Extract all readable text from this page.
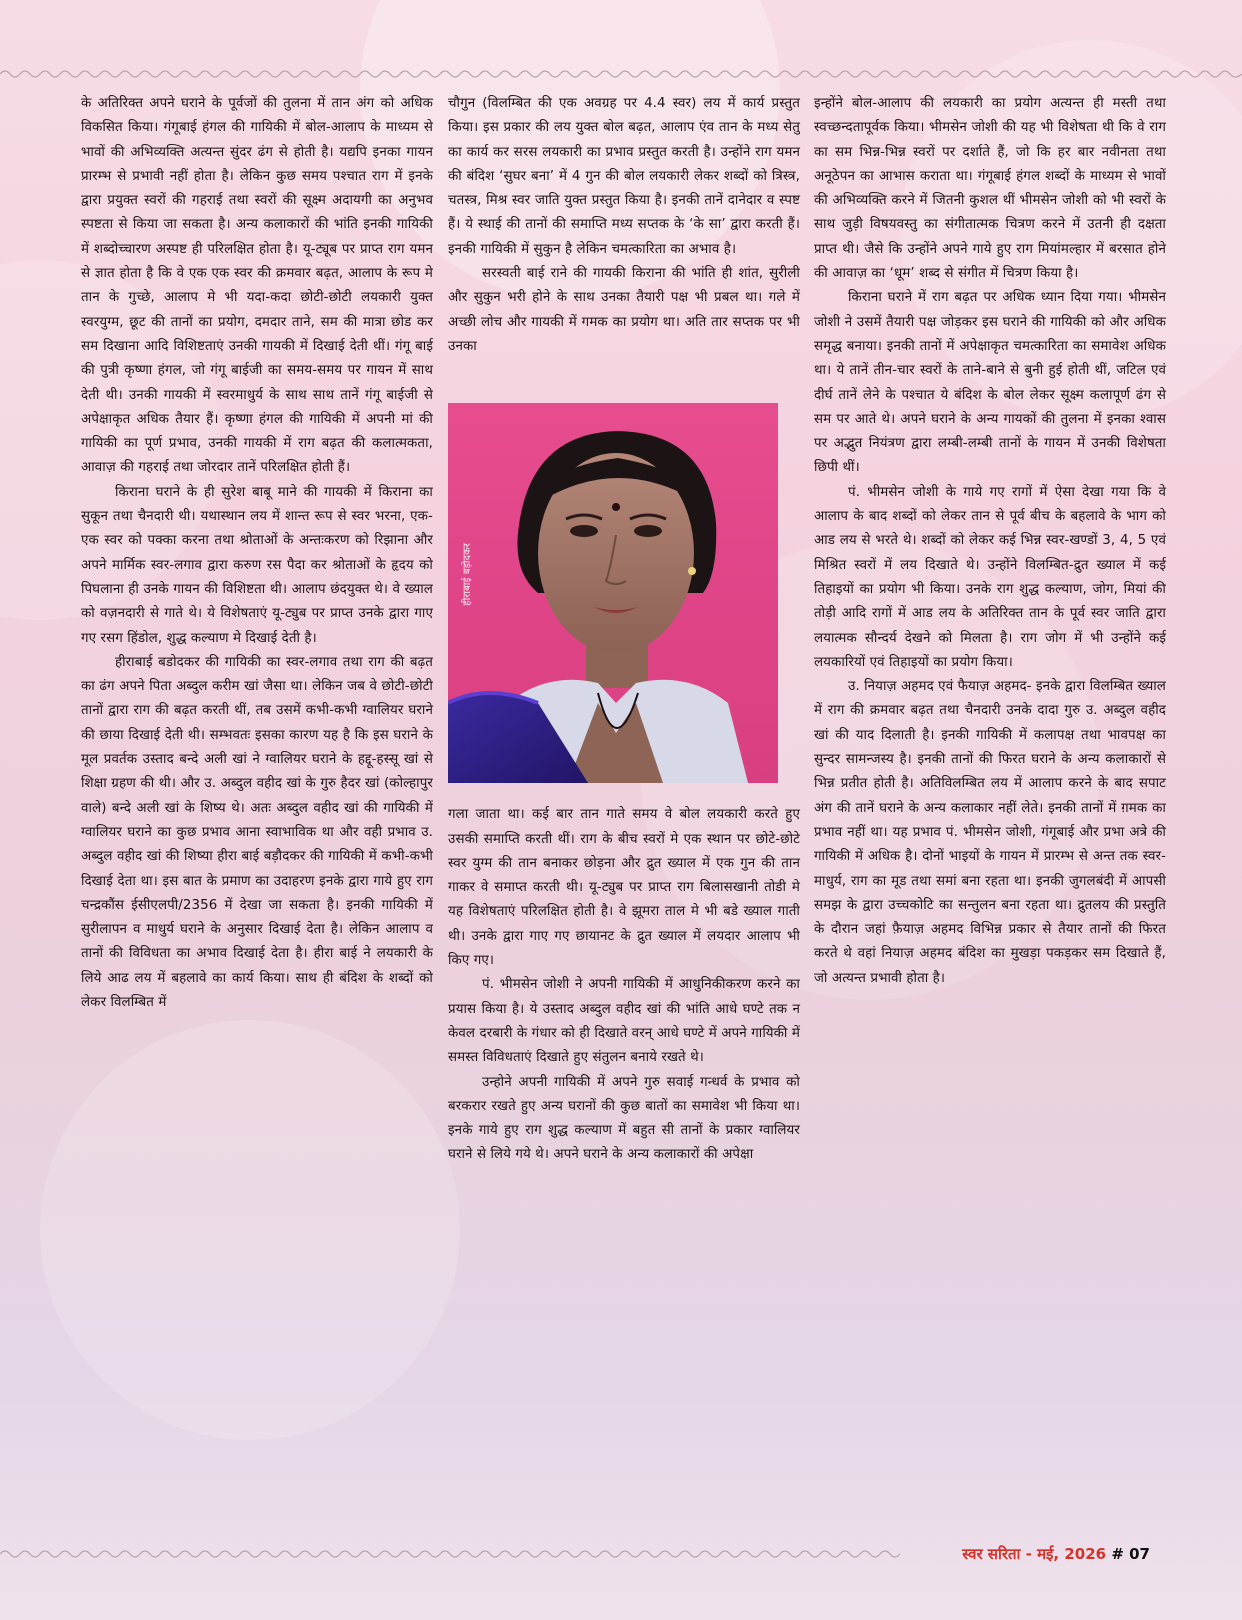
के अतिरिक्त अपने घराने के पूर्वजों की तुलना में तान अंग को अधिक विकसित किया। गंगूबाई हंगल की गायिकी में बोल-आलाप के माध्यम से भावों की अभिव्यक्ति अत्यन्त सुंदर ढंग से होती है। यद्यपि इनका गायन प्रारम्भ से प्रभावी नहीं होता है। लेकिन कुछ समय पश्चात राग में इनके द्वारा प्रयुक्त स्वरों की गहराई तथा स्वरों की सूक्ष्म अदायगी का अनुभव स्पष्टता से किया जा सकता है। अन्य कलाकारों की भांति इनकी गायिकी में शब्दोच्चारण अस्पष्ट ही परिलक्षित होता है। यू-ट्यूब पर प्राप्त राग यमन से ज्ञात होता है कि वे एक एक स्वर की क्रमवार बढ़त, आलाप के रूप मे तान के गुच्छे, आलाप मे भी यदा-कदा छोटी-छोटी लयकारी युक्त स्वरयुग्म, छूट की तानों का प्रयोग, दमदार ताने, सम की मात्रा छोड कर सम दिखाना आदि विशिष्टताएं उनकी गायकी में दिखाई देती थीं। गंगू बाई की पुत्री कृष्णा हंगल, जो गंगू बाईजी का समय-समय पर गायन में साथ देती थी। उनकी गायकी में स्वरमाधुर्य के साथ साथ तानें गंगू बाईजी से अपेक्षाकृत अधिक तैयार हैं। कृष्णा हंगल की गायिकी में अपनी मां की गायिकी का पूर्ण प्रभाव, उनकी गायकी में राग बढ़त की कलात्मकता, आवाज़ की गहराई तथा जोरदार तानें परिलक्षित होती हैं।

किराना घराने के ही सुरेश बाबू माने की गायकी में किराना का सुकून तथा चैनदारी थी। यथास्थान लय में शान्त रूप से स्वर भरना, एक-एक स्वर को पक्का करना तथा श्रोताओं के अन्तःकरण को रिझाना और अपने मार्मिक स्वर-लगाव द्वारा करुण रस पैदा कर श्रोताओं के हृदय को पिघलाना ही उनके गायन की विशिष्टता थी। आलाप छंदयुक्त थे। वे ख्याल को वज़नदारी से गाते थे। ये विशेषताएं यू-ट्युब पर प्राप्त उनके द्वारा गाए गए रसग हिंडोल, शुद्ध कल्याण मे दिखाई देती है।

हीराबाई बडोदकर की गायिकी का स्वर-लगाव तथा राग की बढ़त का ढंग अपने पिता अब्दुल करीम खां जैसा था। लेकिन जब वे छोटी-छोटी तानों द्वारा राग की बढ़त करती थीं, तब उसमें कभी-कभी ग्वालियर घराने की छाया दिखाई देती थी। सम्भवतः इसका कारण यह है कि इस घराने के मूल प्रवर्तक उस्ताद बन्दे अली खां ने ग्वालियर घराने के हद्दू-हस्सू खां से शिक्षा ग्रहण की थी। और उ. अब्दुल वहीद खां के गुरु हैदर खां (कोल्हापुर वाले) बन्दे अली खां के शिष्य थे। अतः अब्दुल वहीद खां की गायिकी में ग्वालियर घराने का कुछ प्रभाव आना स्वाभाविक था और वही प्रभाव उ. अब्दुल वहीद खां की शिष्या हीरा बाई बड़ौदकर की गायिकी में कभी-कभी दिखाई देता था। इस बात के प्रमाण का उदाहरण इनके द्वारा गाये हुए राग चन्द्रकौंस ईसीएलपी/2356 में देखा जा सकता है। इनकी गायिकी में सुरीलापन व माधुर्य घराने के अनुसार दिखाई देता है। लेकिन आलाप व तानों की विविधता का अभाव दिखाई देता है। हीरा बाई ने लयकारी के लिये आढ लय में बहलावे का कार्य किया। साथ ही बंदिश के शब्दों को लेकर विलम्बित में

चौगुन (विलम्बित की एक अवग्रह पर 4.4 स्वर) लय में कार्य प्रस्तुत किया। इस प्रकार की लय युक्त बोल बढ़त, आलाप एंव तान के मध्य सेतु का कार्य कर सरस लयकारी का प्रभाव प्रस्तुत करती है। उन्होंने राग यमन की बंदिश ‘सुघर बना’ में 4 गुन की बोल लयकारी लेकर शब्दों को त्रिस्त्र, चतस्त्र, मिश्र स्वर जाति युक्त प्रस्तुत किया है। इनकी तानें दानेदार व स्पष्ट हैं। ये स्थाई की तानों की समाप्ति मध्य सप्तक के ‘के सा’ द्वारा करती हैं। इनकी गायिकी में सुकुन है लेकिन चमत्कारिता का अभाव है।

सरस्वती बाई राने की गायकी किराना की भांति ही शांत, सुरीली और सुकुन भरी होने के साथ उनका तैयारी पक्ष भी प्रबल था। गले में अच्छी लोच और गायकी में गमक का प्रयोग था। अति तार सप्तक पर भी उनका

हीराबाई बड़ोदकर

गला जाता था। कई बार तान गाते समय वे बोल लयकारी करते हुए उसकी समाप्ति करती थीं। राग के बीच स्वरों मे एक स्थान पर छोटे-छोटे स्वर युग्म की तान बनाकर छोड़ना और द्रुत ख्याल में एक गुन की तान गाकर वे समाप्त करती थी। यू-ट्युब पर प्राप्त राग बिलासखानी तोडी मे यह विशेषताएं परिलक्षित होती है। वे झूमरा ताल मे भी बडे ख्याल गाती थी। उनके द्वारा गाए गए छायानट के द्रुत ख्याल में लयदार आलाप भी किए गए।

पं. भीमसेन जोशी ने अपनी गायिकी में आधुनिकीकरण करने का प्रयास किया है। ये उस्ताद अब्दुल वहीद खां की भांति आधे घण्टे तक न केवल दरबारी के गंधार को ही दिखाते वरन् आधे घण्टे में अपने गायिकी में समस्त विविधताएं दिखाते हुए संतुलन बनाये रखते थे।

उन्होने अपनी गायिकी में अपने गुरु सवाई गन्धर्व के प्रभाव को बरकरार रखते हुए अन्य घरानों की कुछ बातों का समावेश भी किया था। इनके गाये हुए राग शुद्ध कल्याण में बहुत सी तानों के प्रकार ग्वालियर घराने से लिये गये थे। अपने घराने के अन्य कलाकारों की अपेक्षा

इन्होंने बोल-आलाप की लयकारी का प्रयोग अत्यन्त ही मस्ती तथा स्वच्छन्दतापूर्वक किया। भीमसेन जोशी की यह भी विशेषता थी कि वे राग का सम भिन्न-भिन्न स्वरों पर दर्शाते हैं, जो कि हर बार नवीनता तथा अनूठेपन का आभास कराता था। गंगूबाई हंगल शब्दों के माध्यम से भावों की अभिव्यक्ति करने में जितनी कुशल थीं भीमसेन जोशी को भी स्वरों के साथ जुड़ी विषयवस्तु का संगीतात्मक चित्रण करने में उतनी ही दक्षता प्राप्त थी। जैसे कि उन्होंने अपने गाये हुए राग मियांमल्हार में बरसात होने की आवाज़ का ‘धूम’ शब्द से संगीत में चित्रण किया है।

किराना घराने में राग बढ़त पर अधिक ध्यान दिया गया। भीमसेन जोशी ने उसमें तैयारी पक्ष जोड़कर इस घराने की गायिकी को और अधिक समृद्ध बनाया। इनकी तानों में अपेक्षाकृत चमत्कारिता का समावेश अधिक था। ये तानें तीन-चार स्वरों के ताने-बाने से बुनी हुई होती थीं, जटिल एवं दीर्घ तानें लेने के पश्चात ये बंदिश के बोल लेकर सूक्ष्म कलापूर्ण ढंग से सम पर आते थे। अपने घराने के अन्य गायकों की तुलना में इनका श्वास पर अद्भुत नियंत्रण द्वारा लम्बी-लम्बी तानों के गायन में उनकी विशेषता छिपी थीं।

पं. भीमसेन जोशी के गाये गए रागों में ऐसा देखा गया कि वे आलाप के बाद शब्दों को लेकर तान से पूर्व बीच के बहलावे के भाग को आड लय से भरते थे। शब्दों को लेकर कई भिन्न स्वर-खण्डों 3, 4, 5 एवं मिश्रित स्वरों में लय दिखाते थे। उन्होंने विलम्बित-द्रुत ख्याल में कई तिहाइयों का प्रयोग भी किया। उनके राग शुद्ध कल्याण, जोग, मियां की तोड़ी आदि रागों में आड लय के अतिरिक्त तान के पूर्व स्वर जाति द्वारा लयात्मक सौन्दर्य देखने को मिलता है। राग जोग में भी उन्होंने कई लयकारियों एवं तिहाइयों का प्रयोग किया।

उ. नियाज़ अहमद एवं फैयाज़ अहमद- इनके द्वारा विलम्बित ख्याल में राग की क्रमवार बढ़त तथा चैनदारी उनके दादा गुरु उ. अब्दुल वहीद खां की याद दिलाती है। इनकी गायिकी में कलापक्ष तथा भावपक्ष का सुन्दर सामन्जस्य है। इनकी तानों की फिरत घराने के अन्य कलाकारों से भिन्न प्रतीत होती है। अतिविलम्बित लय में आलाप करने के बाद सपाट अंग की तानें घराने के अन्य कलाकार नहीं लेते। इनकी तानों में ग़मक का प्रभाव नहीं था। यह प्रभाव पं. भीमसेन जोशी, गंगूबाई और प्रभा अत्रे की गायिकी में अधिक है। दोनों भाइयों के गायन में प्रारम्भ से अन्त तक स्वर-माधुर्य, राग का मूड तथा समां बना रहता था। इनकी जुगलबंदी में आपसी समझ के द्वारा उच्चकोटि का सन्तुलन बना रहता था। द्रुतलय की प्रस्तुति के दौरान जहां फ़ैयाज़ अहमद विभिन्न प्रकार से तैयार तानों की फिरत करते थे वहां नियाज़ अहमद बंदिश का मुखड़ा पकड़कर सम दिखाते हैं, जो अत्यन्त प्रभावी होता है।

स्वर सरिता - मई, 2026 # 07
